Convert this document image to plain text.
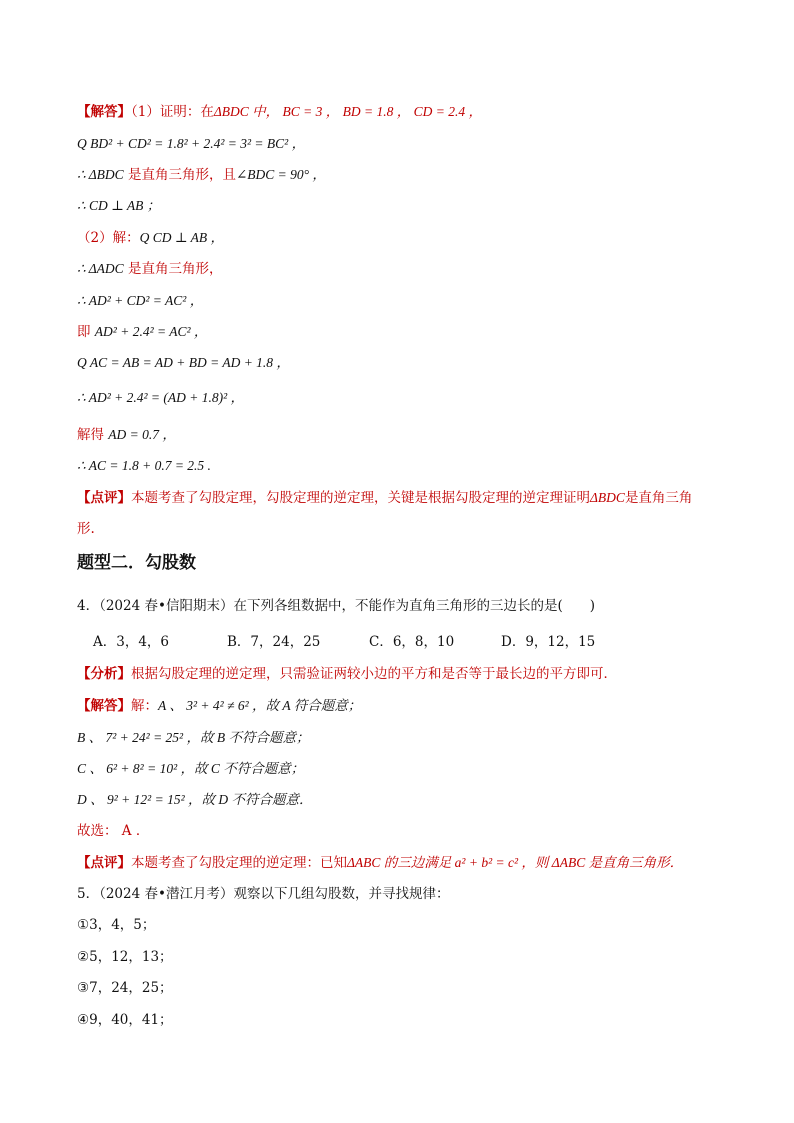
【解答】（1）证明：在ΔBDC 中， BC = 3 ， BD = 1.8 ， CD = 2.4 ，
Q BD² + CD² = 1.8² + 2.4² = 3² = BC² ，
∴ ΔBDC 是直角三角形，且∠BDC = 90° ，
∴ CD ⊥ AB ；
（2）解：Q CD ⊥ AB ，
∴ ΔADC 是直角三角形，
∴ AD² + CD² = AC² ，
即 AD² + 2.4² = AC² ，
Q AC = AB = AD + BD = AD + 1.8 ，
∴ AD² + 2.4² = (AD + 1.8)² ，
解得 AD = 0.7 ，
∴ AC = 1.8 + 0.7 = 2.5 .
【点评】本题考查了勾股定理，勾股定理的逆定理，关键是根据勾股定理的逆定理证明ΔBDC是直角三角
形.
题型二．勾股数
4．（2024 春•信阳期末）在下列各组数据中，不能作为直角三角形的三边长的是(　　)
A．3，4，6	B．7，24，25	C．6，8，10	D．9，12，15
【分析】根据勾股定理的逆定理，只需验证两较小边的平方和是否等于最长边的平方即可．
【解答】解：A 、 3² + 4² ≠ 6² ，故 A 符合题意；
B 、 7² + 24² = 25² ，故 B 不符合题意；
C 、 6² + 8² = 10² ，故 C 不符合题意；
D 、 9² + 12² = 15² ，故 D 不符合题意．
故选： A ．
【点评】本题考查了勾股定理的逆定理：已知ΔABC 的三边满足 a² + b² = c² ，则 ΔABC 是直角三角形．
5．（2024 春•潜江月考）观察以下几组勾股数，并寻找规律：
①3，4，5；
②5，12，13；
③7，24，25；
④9，40，41；
